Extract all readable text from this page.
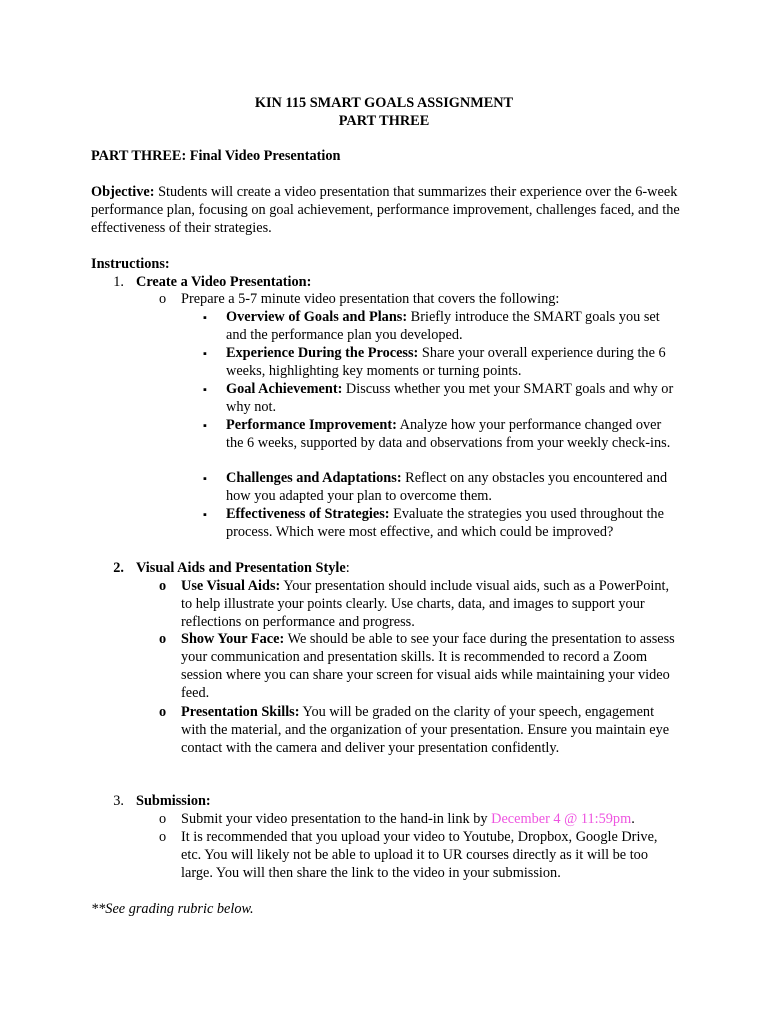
KIN 115 SMART GOALS ASSIGNMENT
PART THREE
PART THREE: Final Video Presentation
Objective: Students will create a video presentation that summarizes their experience over the 6-week performance plan, focusing on goal achievement, performance improvement, challenges faced, and the effectiveness of their strategies.
Instructions:
1. Create a Video Presentation:
o Prepare a 5-7 minute video presentation that covers the following:
▪ Overview of Goals and Plans: Briefly introduce the SMART goals you set and the performance plan you developed.
▪ Experience During the Process: Share your overall experience during the 6 weeks, highlighting key moments or turning points.
▪ Goal Achievement: Discuss whether you met your SMART goals and why or why not.
▪ Performance Improvement: Analyze how your performance changed over the 6 weeks, supported by data and observations from your weekly check-ins.
▪ Challenges and Adaptations: Reflect on any obstacles you encountered and how you adapted your plan to overcome them.
▪ Effectiveness of Strategies: Evaluate the strategies you used throughout the process. Which were most effective, and which could be improved?
2. Visual Aids and Presentation Style:
o Use Visual Aids: Your presentation should include visual aids, such as a PowerPoint, to help illustrate your points clearly. Use charts, data, and images to support your reflections on performance and progress.
o Show Your Face: We should be able to see your face during the presentation to assess your communication and presentation skills. It is recommended to record a Zoom session where you can share your screen for visual aids while maintaining your video feed.
o Presentation Skills: You will be graded on the clarity of your speech, engagement with the material, and the organization of your presentation. Ensure you maintain eye contact with the camera and deliver your presentation confidently.
3. Submission:
o Submit your video presentation to the hand-in link by December 4 @ 11:59pm.
o It is recommended that you upload your video to Youtube, Dropbox, Google Drive, etc. You will likely not be able to upload it to UR courses directly as it will be too large. You will then share the link to the video in your submission.
**See grading rubric below.
